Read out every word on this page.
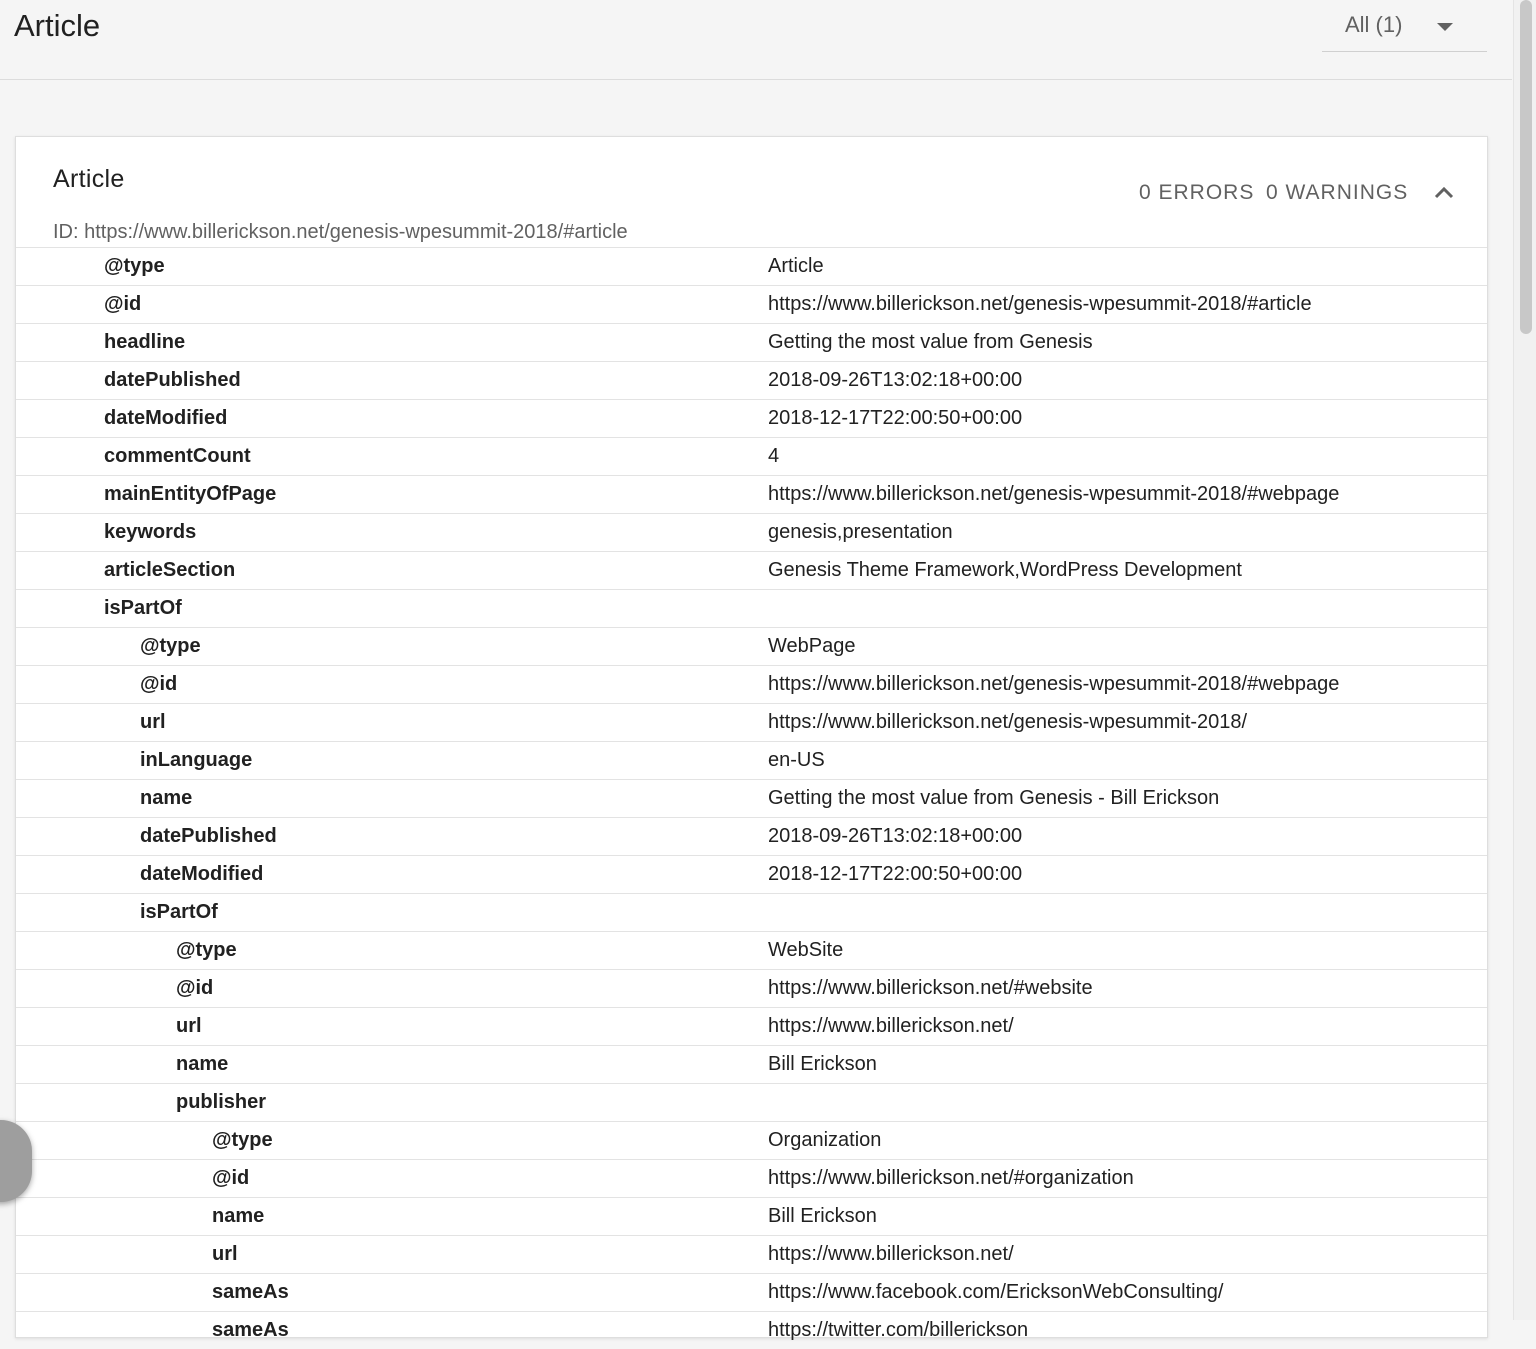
Article	All (1)
Article	0 ERRORS 0 WARNINGS
ID: https://www.billerickson.net/genesis-wpesummit-2018/#article
@type	Article
@id	https://www.billerickson.net/genesis-wpesummit-2018/#article
headline	Getting the most value from Genesis
datePublished	2018-09-26T13:02:18+00:00
dateModified	2018-12-17T22:00:50+00:00
commentCount	4
mainEntityOfPage	https://www.billerickson.net/genesis-wpesummit-2018/#webpage
keywords	genesis,presentation
articleSection	Genesis Theme Framework,WordPress Development
isPartOf
@type	WebPage
@id	https://www.billerickson.net/genesis-wpesummit-2018/#webpage
url	https://www.billerickson.net/genesis-wpesummit-2018/
inLanguage	en-US
name	Getting the most value from Genesis - Bill Erickson
datePublished	2018-09-26T13:02:18+00:00
dateModified	2018-12-17T22:00:50+00:00
isPartOf
@type	WebSite
@id	https://www.billerickson.net/#website
url	https://www.billerickson.net/
name	Bill Erickson
publisher
@type	Organization
@id	https://www.billerickson.net/#organization
name	Bill Erickson
url	https://www.billerickson.net/
sameAs	https://www.facebook.com/EricksonWebConsulting/
sameAs	https://twitter.com/billerickson
